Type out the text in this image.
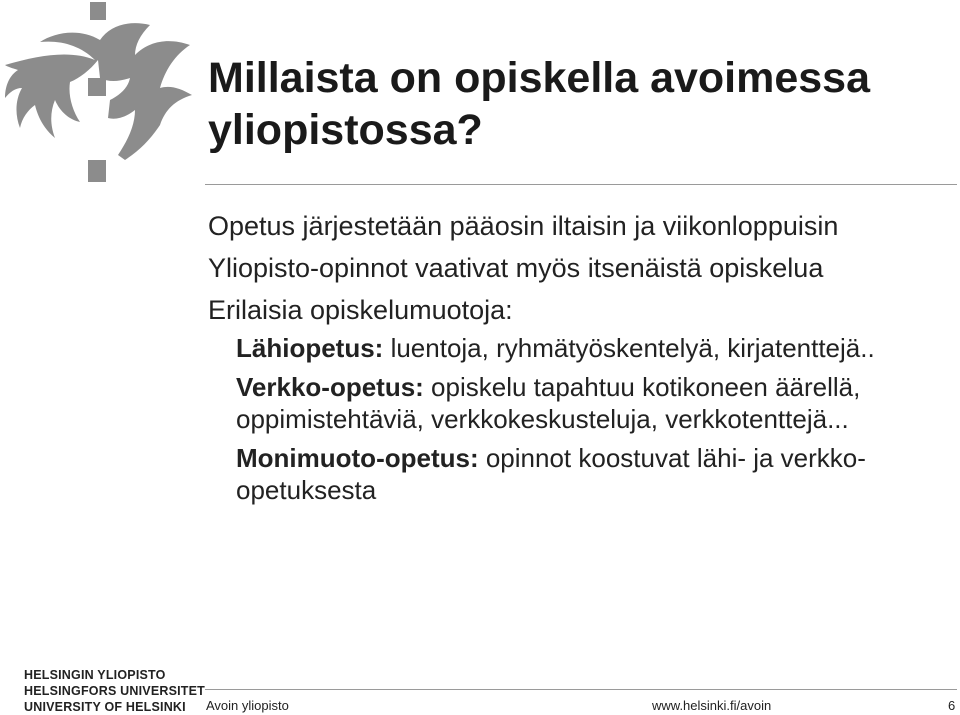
Millaista on opiskella avoimessa yliopistossa?
Opetus järjestetään pääosin iltaisin ja viikonloppuisin
Yliopisto-opinnot vaativat myös itsenäistä opiskelua
Erilaisia opiskelumuotoja:
Lähiopetus: luentoja, ryhmätyöskentelyä, kirjatenttejä..
Verkko-opetus: opiskelu tapahtuu kotikoneen äärellä, oppimistehtäviä, verkkokeskusteluja, verkkotenttejä...
Monimuoto-opetus: opinnot koostuvat lähi- ja verkko-opetuksesta
HELSINGIN YLIOPISTO
HELSINGFORS UNIVERSITET
UNIVERSITY OF HELSINKI	Avoin yliopisto	www.helsinki.fi/avoin	6
